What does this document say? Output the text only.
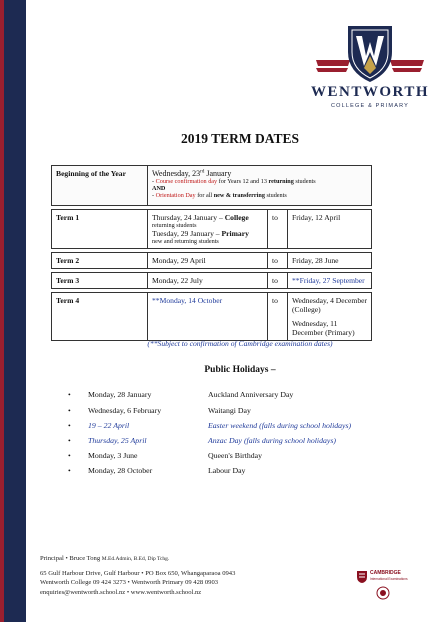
WENTWORTH
COLLEGE & PRIMARY
2019 TERM DATES
Beginning of the Year	Wednesday, 23rd January
- Course confirmation day for Years 12 and 13 returning students
AND
- Orientation Day for all new & transferring students		

Term 1	Thursday, 24 January – College
returning students
Tuesday, 29 January – Primary
new and returning students	to	Friday, 12 April

Term 2	Monday, 29 April	to	Friday, 28 June

Term 3	Monday, 22 July	to	**Friday, 27 September

Term 4	**Monday, 14 October	to	Wednesday, 4 December (College)
Wednesday, 11 December (Primary)
(**Subject to confirmation of Cambridge examination dates)
Public Holidays –
• Monday, 28 January	Auckland Anniversary Day
• Wednesday, 6 February	Waitangi Day
• 19 – 22 April	Easter weekend (falls during school holidays)
• Thursday, 25 April	Anzac Day (falls during school holidays)
• Monday, 3 June	Queen's Birthday
• Monday, 28 October	Labour Day
Principal • Bruce Tong M.Ed.Admin, B.Ed, Dip Tchg.
65 Gulf Harbour Drive, Gulf Harbour • PO Box 650, Whangaparaoa 0943
Wentworth College 09 424 3273 • Wentworth Primary 09 428 0903
enquiries@wentworth.school.nz • www.wentworth.school.nz
CAMBRIDGE
International Examinations
